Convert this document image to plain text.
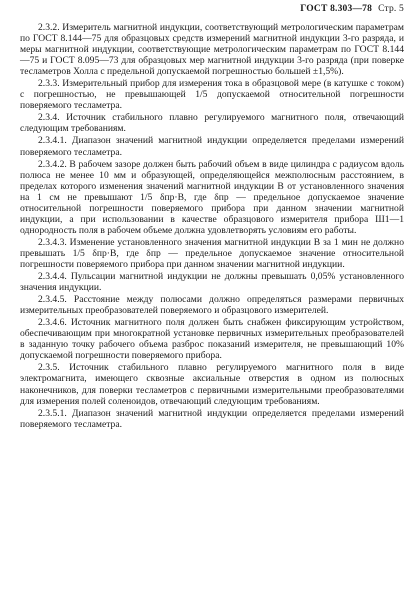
ГОСТ 8.303—78 Стр. 5

2.3.2. Измеритель магнитной индукции, соответствующий метрологическим параметрам по ГОСТ 8.144—75 для образцовых средств измерений магнитной индукции 3-го разряда, и меры магнитной индукции, соответствующие метрологическим параметрам по ГОСТ 8.144—75 и ГОСТ 8.095—73 для образцовых мер магнитной индукции 3-го разряда (при поверке тесламетров Холла с предельной допускаемой погрешностью большей ±1,5%).

2.3.3. Измерительный прибор для измерения тока в образцовой мере (в катушке с током) с погрешностью, не превышающей 1/5 допускаемой относительной погрешности поверяемого тесламетра.

2.3.4. Источник стабильного плавно регулируемого магнитного поля, отвечающий следующим требованиям.

2.3.4.1. Диапазон значений магнитной индукции определяется пределами измерений поверяемого тесламетра.

2.3.4.2. В рабочем зазоре должен быть рабочий объем в виде цилиндра с радиусом вдоль полюса не менее 10 мм и образующей, определяющейся межполюсным расстоянием, в пределах которого изменения значений магнитной индукции B от установленного значения на 1 см не превышают 1/5 δпр·B, где δпр — предельное допускаемое значение относительной погрешности поверяемого прибора при данном значении магнитной индукции, а при использовании в качестве образцового измерителя прибора Ш1—1 однородность поля в рабочем объеме должна удовлетворять условиям его работы.

2.3.4.3. Изменение установленного значения магнитной индукции B за 1 мин не должно превышать 1/5 δпр·B, где δпр — предельное допускаемое значение относительной погрешности поверяемого прибора при данном значении магнитной индукции.

2.3.4.4. Пульсации магнитной индукции не должны превышать 0,05% установленного значения индукции.

2.3.4.5. Расстояние между полюсами должно определяться размерами первичных измерительных преобразователей поверяемого и образцового измерителей.

2.3.4.6. Источник магнитного поля должен быть снабжен фиксирующим устройством, обеспечивающим при многократной установке первичных измерительных преобразователей в заданную точку рабочего объема разброс показаний измерителя, не превышающий 10% допускаемой погрешности поверяемого прибора.

2.3.5. Источник стабильного плавно регулируемого магнитного поля в виде электромагнита, имеющего сквозные аксиальные отверстия в одном из полюсных наконечников, для поверки тесламетров с первичными измерительными преобразователями для измерения полей соленоидов, отвечающий следующим требованиям.

2.3.5.1. Диапазон значений магнитной индукции определяется пределами измерений поверяемого тесламетра.
